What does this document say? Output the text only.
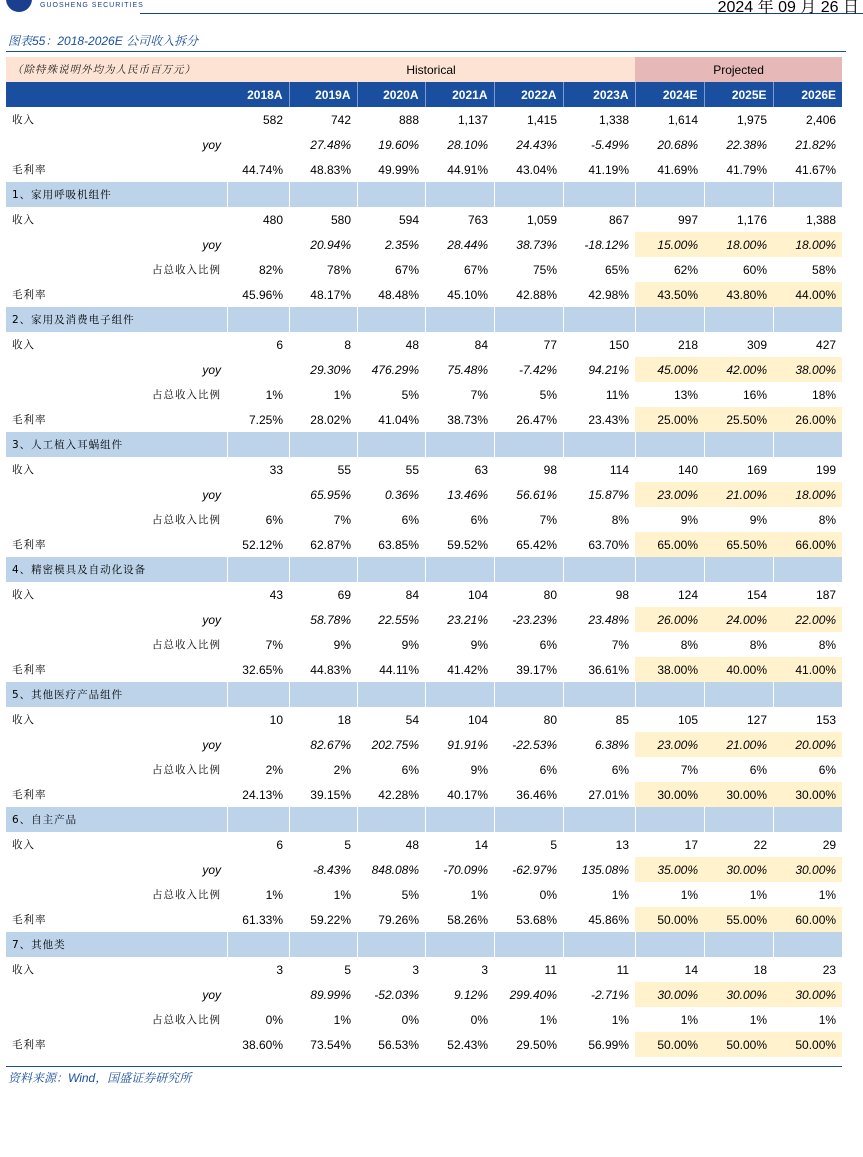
GUOSHENG SECURITIES	2024 年 09 月 26 日
图表55：2018-2026E 公司收入拆分
（除特殊说明外均为人民币百万元）	Historical						Projected		
	2018A	2019A	2020A	2021A	2022A	2023A	2024E	2025E	2026E
收入	582	742	888	1,137	1,415	1,338	1,614	1,975	2,406
yoy		27.48%	19.60%	28.10%	24.43%	-5.49%	20.68%	22.38%	21.82%
毛利率	44.74%	48.83%	49.99%	44.91%	43.04%	41.19%	41.69%	41.79%	41.67%
1、家用呼吸机组件									
收入	480	580	594	763	1,059	867	997	1,176	1,388
yoy		20.94%	2.35%	28.44%	38.73%	-18.12%	15.00%	18.00%	18.00%
占总收入比例	82%	78%	67%	67%	75%	65%	62%	60%	58%
毛利率	45.96%	48.17%	48.48%	45.10%	42.88%	42.98%	43.50%	43.80%	44.00%
2、家用及消费电子组件									
收入	6	8	48	84	77	150	218	309	427
yoy		29.30%	476.29%	75.48%	-7.42%	94.21%	45.00%	42.00%	38.00%
占总收入比例	1%	1%	5%	7%	5%	11%	13%	16%	18%
毛利率	7.25%	28.02%	41.04%	38.73%	26.47%	23.43%	25.00%	25.50%	26.00%
3、人工植入耳蜗组件									
收入	33	55	55	63	98	114	140	169	199
yoy		65.95%	0.36%	13.46%	56.61%	15.87%	23.00%	21.00%	18.00%
占总收入比例	6%	7%	6%	6%	7%	8%	9%	9%	8%
毛利率	52.12%	62.87%	63.85%	59.52%	65.42%	63.70%	65.00%	65.50%	66.00%
4、精密模具及自动化设备									
收入	43	69	84	104	80	98	124	154	187
yoy		58.78%	22.55%	23.21%	-23.23%	23.48%	26.00%	24.00%	22.00%
占总收入比例	7%	9%	9%	9%	6%	7%	8%	8%	8%
毛利率	32.65%	44.83%	44.11%	41.42%	39.17%	36.61%	38.00%	40.00%	41.00%
5、其他医疗产品组件									
收入	10	18	54	104	80	85	105	127	153
yoy		82.67%	202.75%	91.91%	-22.53%	6.38%	23.00%	21.00%	20.00%
占总收入比例	2%	2%	6%	9%	6%	6%	7%	6%	6%
毛利率	24.13%	39.15%	42.28%	40.17%	36.46%	27.01%	30.00%	30.00%	30.00%
6、自主产品									
收入	6	5	48	14	5	13	17	22	29
yoy		-8.43%	848.08%	-70.09%	-62.97%	135.08%	35.00%	30.00%	30.00%
占总收入比例	1%	1%	5%	1%	0%	1%	1%	1%	1%
毛利率	61.33%	59.22%	79.26%	58.26%	53.68%	45.86%	50.00%	55.00%	60.00%
7、其他类									
收入	3	5	3	3	11	11	14	18	23
yoy		89.99%	-52.03%	9.12%	299.40%	-2.71%	30.00%	30.00%	30.00%
占总收入比例	0%	1%	0%	0%	1%	1%	1%	1%	1%
毛利率	38.60%	73.54%	56.53%	52.43%	29.50%	56.99%	50.00%	50.00%	50.00%
资料来源：Wind，国盛证券研究所
